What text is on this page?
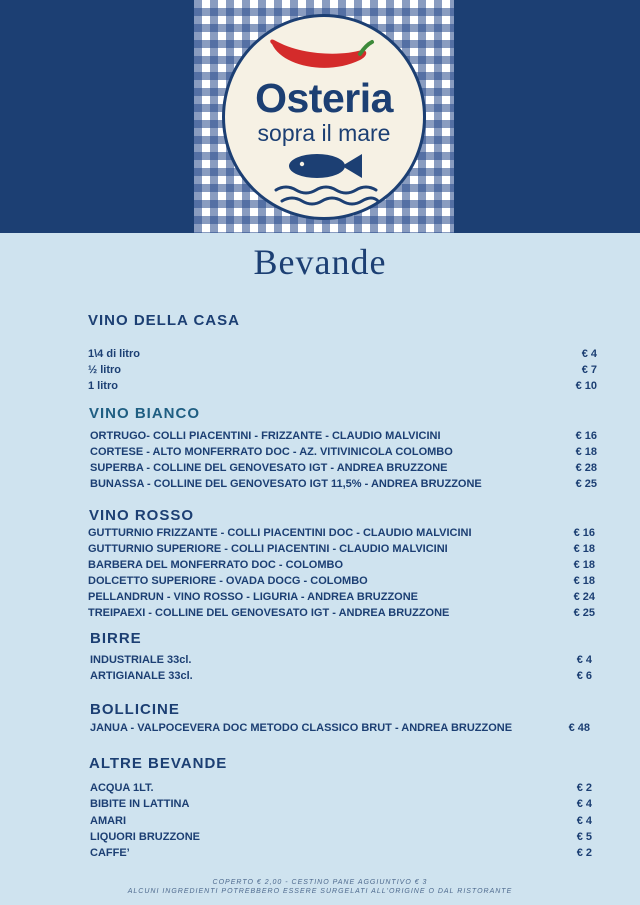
Osteria
sopra il mare
Bevande
VINO DELLA CASA
1\4 di litro	€ 4
½ litro	€ 7
1 litro	€ 10
VINO BIANCO
ORTRUGO- COLLI PIACENTINI - FRIZZANTE - CLAUDIO MALVICINI	€ 16
CORTESE - ALTO MONFERRATO DOC - AZ. VITIVINICOLA COLOMBO	€ 18
SUPERBA - COLLINE DEL GENOVESATO IGT - ANDREA BRUZZONE	€ 28
BUNASSA - COLLINE DEL GENOVESATO IGT 11,5% - ANDREA BRUZZONE	€ 25
VINO ROSSO
GUTTURNIO FRIZZANTE - COLLI PIACENTINI DOC - CLAUDIO MALVICINI	€ 16
GUTTURNIO SUPERIORE - COLLI PIACENTINI - CLAUDIO MALVICINI	€ 18
BARBERA DEL MONFERRATO DOC - COLOMBO	€ 18
DOLCETTO SUPERIORE - OVADA DOCG - COLOMBO	€ 18
PELLANDRUN - VINO ROSSO - LIGURIA - ANDREA BRUZZONE	€ 24
TREIPAEXI - COLLINE DEL GENOVESATO IGT - ANDREA BRUZZONE	€ 25
BIRRE
INDUSTRIALE 33cl.	€ 4
ARTIGIANALE 33cl.	€ 6
BOLLICINE
JANUA - VALPOCEVERA DOC METODO CLASSICO BRUT - ANDREA BRUZZONE	€ 48
ALTRE BEVANDE
ACQUA 1LT.	€ 2
BIBITE IN LATTINA	€ 4
AMARI	€ 4
LIQUORI BRUZZONE	€ 5
CAFFE’	€ 2
COPERTO € 2,00 - CESTINO PANE AGGIUNTIVO € 3
ALCUNI INGREDIENTI POTREBBERO ESSERE SURGELATI ALL'ORIGINE O DAL RISTORANTE
